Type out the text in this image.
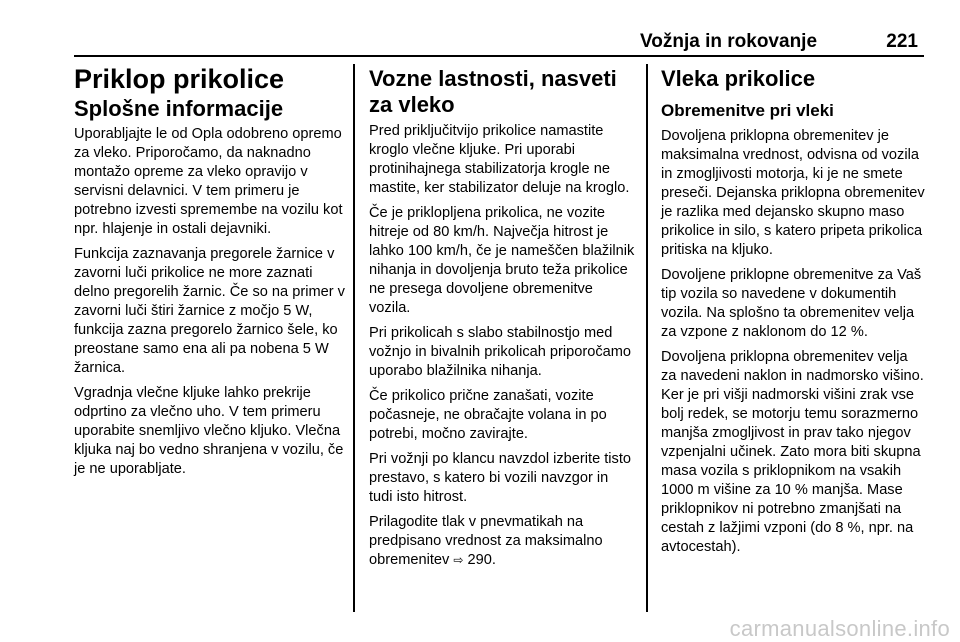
Vožnja in rokovanje	221
Priklop prikolice
Splošne informacije

Uporabljajte le od Opla odobreno opremo za vleko. Priporočamo, da naknadno montažo opreme za vleko opravijo v servisni delavnici. V tem primeru je potrebno izvesti spremembe na vozilu kot npr. hlajenje in ostali dejavniki.

Funkcija zaznavanja pregorele žarnice v zavorni luči prikolice ne more zaznati delno pregorelih žarnic. Če so na primer v zavorni luči štiri žarnice z močjo 5 W, funkcija zazna pregorelo žarnico šele, ko preostane samo ena ali pa nobena 5 W žarnica.

Vgradnja vlečne kljuke lahko prekrije odprtino za vlečno uho. V tem primeru uporabite snemljivo vlečno kljuko. Vlečna kljuka naj bo vedno shranjena v vozilu, če je ne uporabljate.

Vozne lastnosti, nasveti za vleko

Pred priključitvijo prikolice namastite kroglo vlečne kljuke. Pri uporabi protinihajnega stabilizatorja krogle ne mastite, ker stabilizator deluje na kroglo.

Če je priklopljena prikolica, ne vozite hitreje od 80 km/h. Največja hitrost je lahko 100 km/h, če je nameščen blažilnik nihanja in dovoljenja bruto teža prikolice ne presega dovoljene obremenitve vozila.

Pri prikolicah s slabo stabilnostjo med vožnjo in bivalnih prikolicah priporočamo uporabo blažilnika nihanja.

Če prikolico prične zanašati, vozite počasneje, ne obračajte volana in po potrebi, močno zavirajte.

Pri vožnji po klancu navzdol izberite tisto prestavo, s katero bi vozili navzgor in tudi isto hitrost.

Prilagodite tlak v pnevmatikah na predpisano vrednost za maksimalno obremenitev ⇨ 290.

Vleka prikolice
Obremenitve pri vleki

Dovoljena priklopna obremenitev je maksimalna vrednost, odvisna od vozila in zmogljivosti motorja, ki je ne smete preseči. Dejanska priklopna obremenitev je razlika med dejansko skupno maso prikolice in silo, s katero pripeta prikolica pritiska na kljuko.

Dovoljene priklopne obremenitve za Vaš tip vozila so navedene v dokumentih vozila. Na splošno ta obremenitev velja za vzpone z naklonom do 12 %.

Dovoljena priklopna obremenitev velja za navedeni naklon in nadmorsko višino. Ker je pri višji nadmorski višini zrak vse bolj redek, se motorju temu sorazmerno manjša zmogljivost in prav tako njegov vzpenjalni učinek. Zato mora biti skupna masa vozila s priklopnikom na vsakih 1000 m višine za 10 % manjša. Mase priklopnikov ni potrebno zmanjšati na cestah z lažjimi vzponi (do 8 %, npr. na avtocestah).

carmanualsonline.info
